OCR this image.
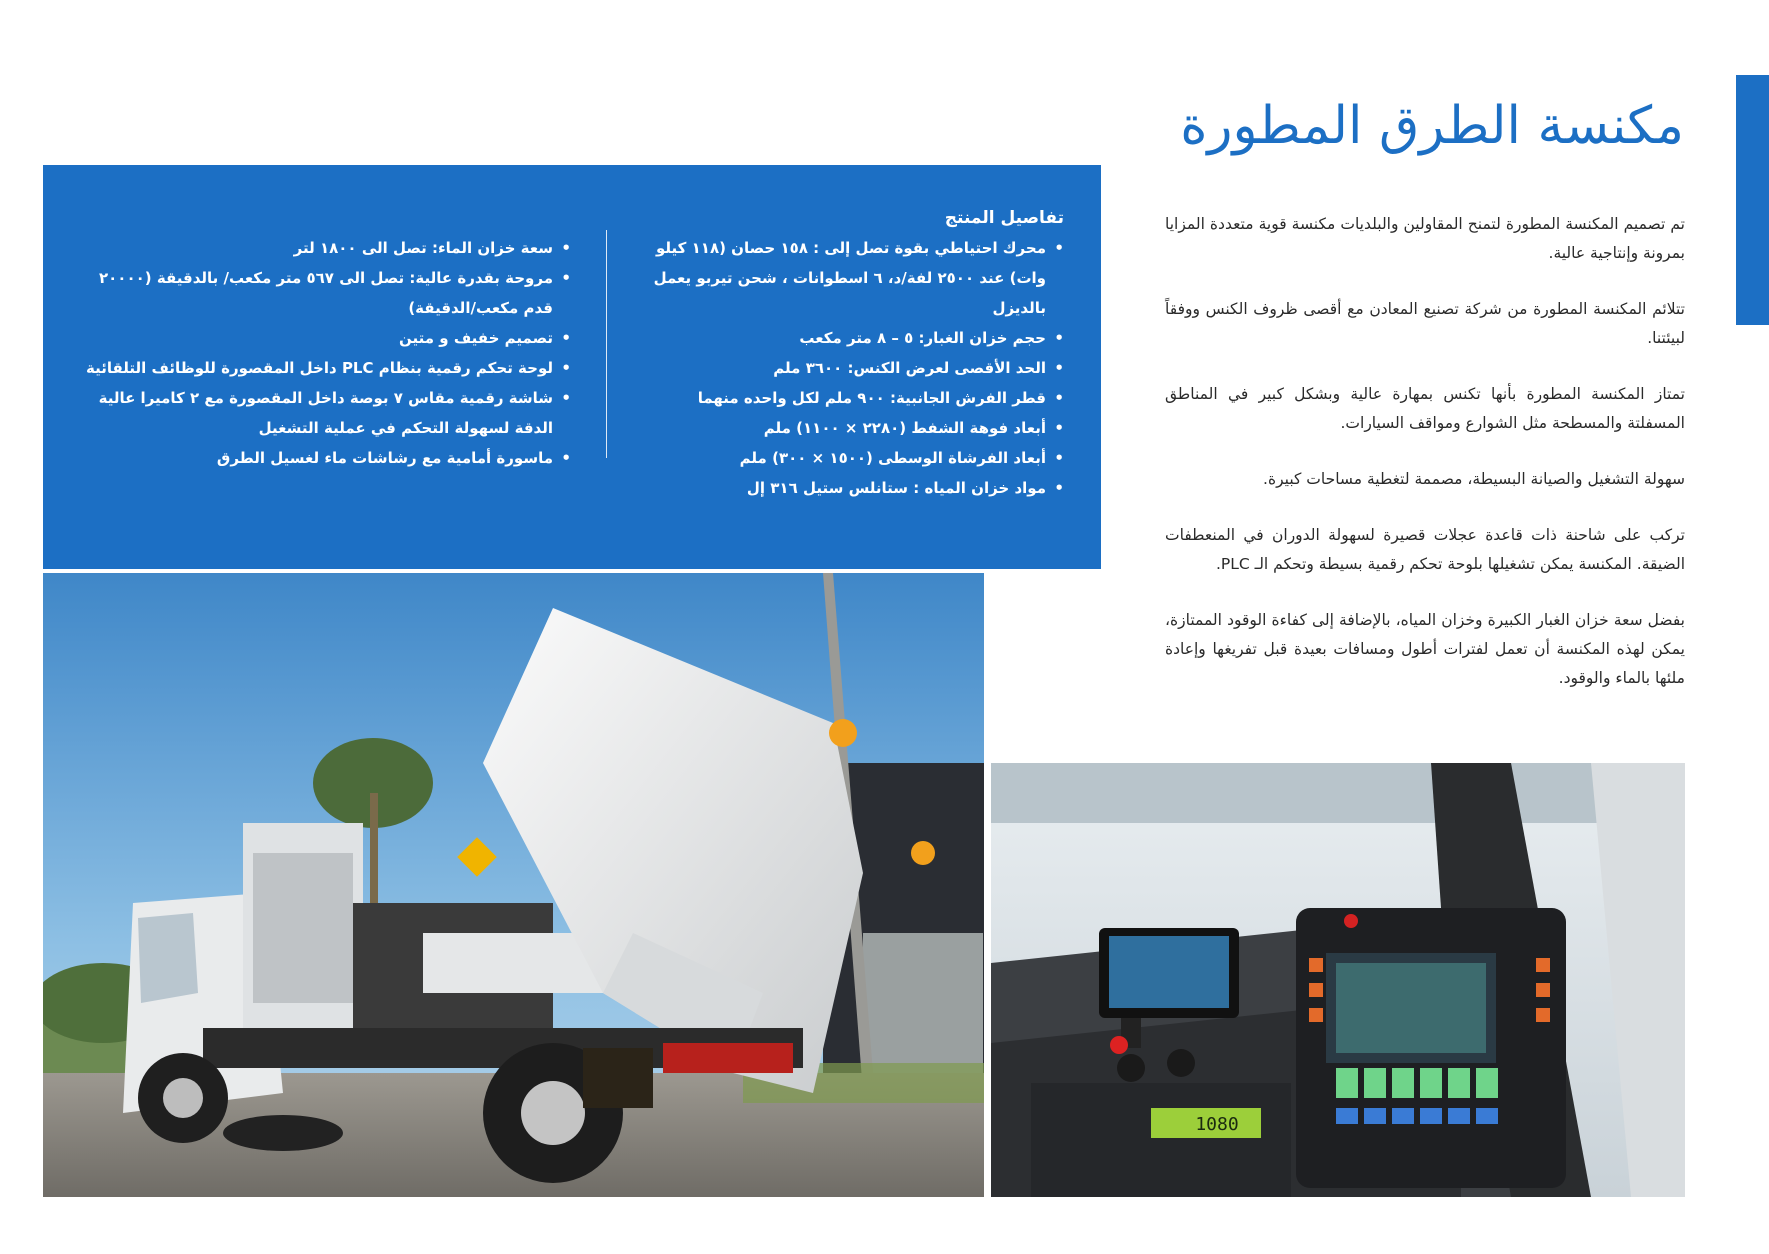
مكنسة الطرق المطورة

تم تصميم المكنسة المطورة لتمنح المقاولين والبلديات مكنسة قوية متعددة المزايا بمرونة وإنتاجية عالية.

تتلائم المكنسة المطورة من شركة تصنيع المعادن مع أقصى ظروف الكنس ووفقاً لبيئتنا.

تمتاز المكنسة المطورة بأنها تكنس بمهارة عالية وبشكل كبير في المناطق المسفلتة والمسطحة مثل الشوارع ومواقف السيارات.

سهولة التشغيل والصيانة البسيطة، مصممة لتغطية مساحات كبيرة.

تركب على شاحنة ذات قاعدة عجلات قصيرة لسهولة الدوران في المنعطفات الضيقة. المكنسة يمكن تشغيلها بلوحة تحكم رقمية بسيطة وتحكم الـ PLC.

بفضل سعة خزان الغبار الكبيرة وخزان المياه، بالإضافة إلى كفاءة الوقود الممتازة، يمكن لهذه المكنسة أن تعمل لفترات أطول ومسافات بعيدة قبل تفريغها وإعادة ملئها بالماء والوقود.

تفاصيل المنتج
• محرك احتياطي بقوة تصل إلى : ١٥٨ حصان (١١٨ كيلو وات) عند ٢٥٠٠ لفة/د، ٦ اسطوانات ، شحن تيربو يعمل بالديزل
• حجم خزان الغبار: ٥ – ٨ متر مكعب
• الحد الأقصى لعرض الكنس: ٣٦٠٠ ملم
• قطر الفرش الجانبية: ٩٠٠ ملم لكل واحده منهما
• أبعاد فوهة الشفط (٢٢٨٠ × ١١٠٠) ملم
• أبعاد الفرشاة الوسطى (١٥٠٠ × ٣٠٠) ملم
• مواد خزان المياه : ستانلس ستيل ٣١٦ إل
• سعة خزان الماء: تصل الى ١٨٠٠ لتر
• مروحة بقدرة عالية: تصل الى ٥٦٧ متر مكعب/ بالدقيقة (٢٠٠٠٠ قدم مكعب/الدقيقة)
• تصميم خفيف و متين
• لوحة تحكم رقمية بنظام PLC داخل المقصورة للوظائف التلقائية
• شاشة رقمية مقاس ٧ بوصة داخل المقصورة مع ٢ كاميرا عالية الدقة لسهولة التحكم في عملية التشغيل
• ماسورة أمامية مع رشاشات ماء لغسيل الطرق
1080
